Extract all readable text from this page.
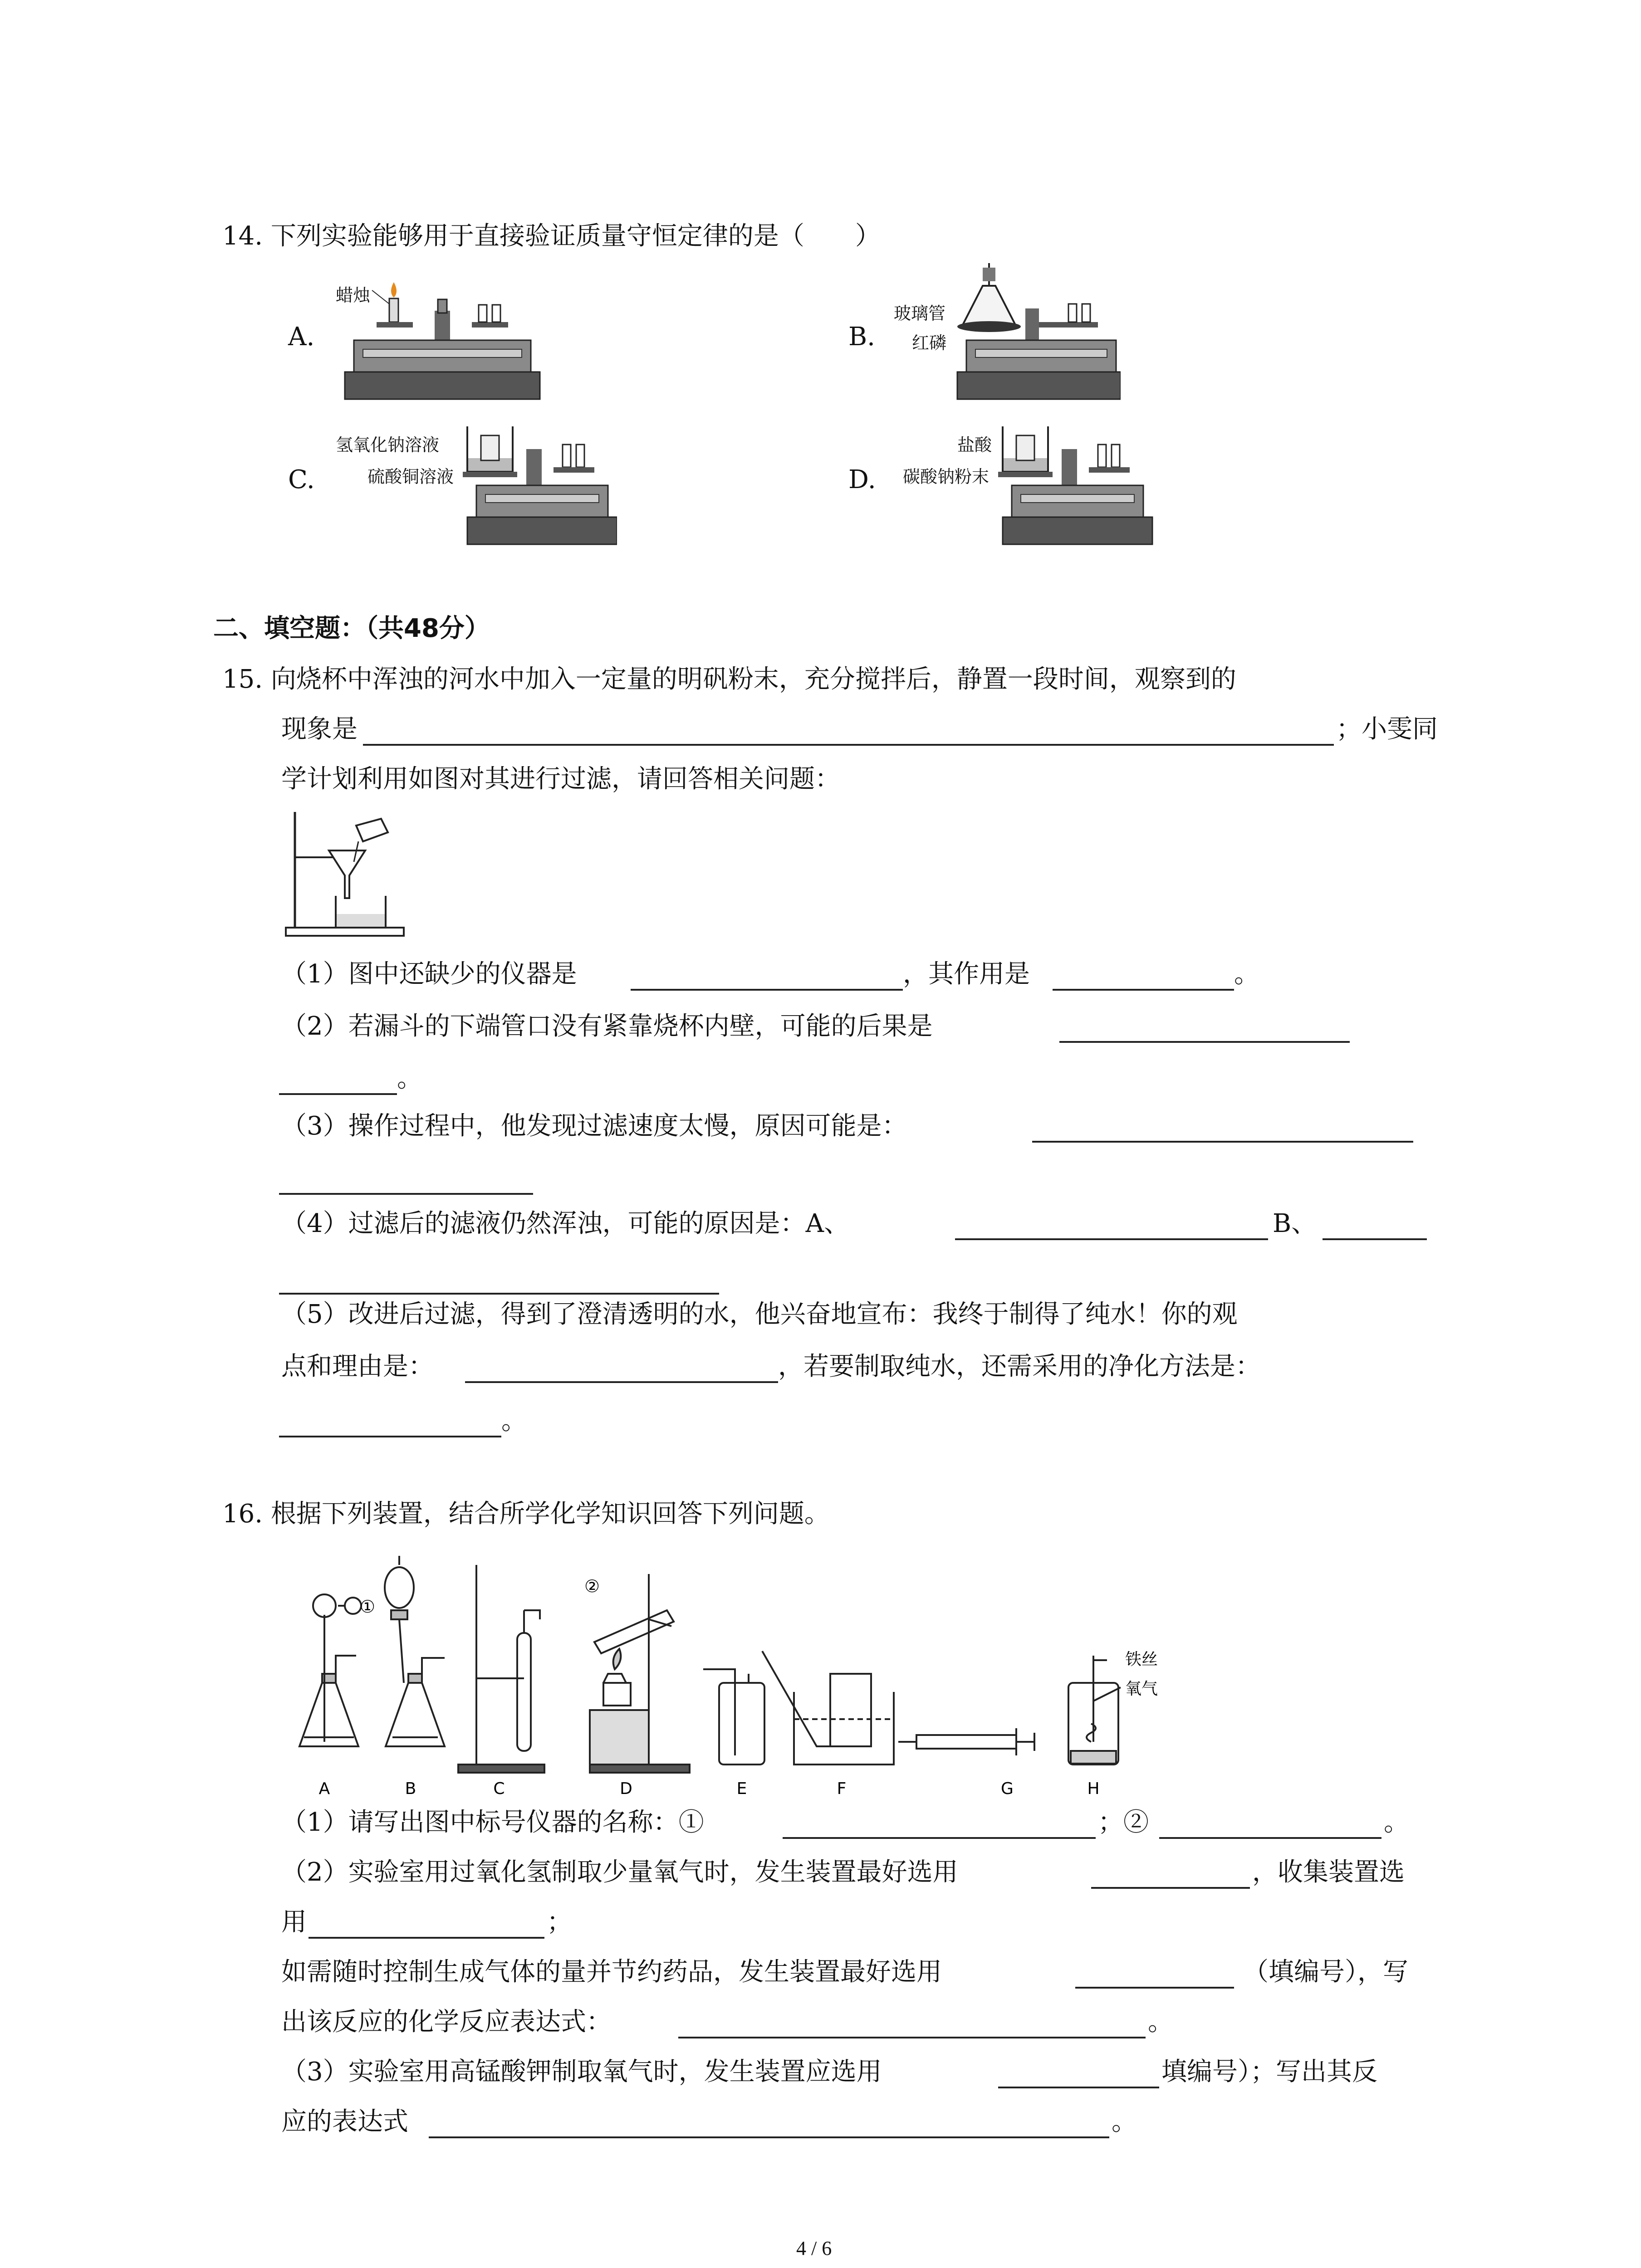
14. 下列实验能够用于直接验证质量守恒定律的是（　　）
A.
蜡烛
B.
玻璃管
红磷
C.
氢氧化钠溶液
硫酸铜溶液	D.
盐酸
碳酸钠粉末
二、填空题：（共48分）
15. 向烧杯中浑浊的河水中加入一定量的明矾粉末，充分搅拌后，静置一段时间，观察到的
现象是	；小雯同
学计划利用如图对其进行过滤，请回答相关问题：
（1）图中还缺少的仪器是	，其作用是	。
（2）若漏斗的下端管口没有紧靠烧杯内壁，可能的后果是
。
（3）操作过程中，他发现过滤速度太慢，原因可能是：
（4）过滤后的滤液仍然浑浊，可能的原因是：A、	B、
（5）改进后过滤，得到了澄清透明的水，他兴奋地宣布：我终于制得了纯水！你的观
点和理由是：	，若要制取纯水，还需采用的净化方法是：
。
16. 根据下列装置，结合所学化学知识回答下列问题。
①
②
铁丝
氧气
A	B	C	D	E	F	G	H
（1）请写出图中标号仪器的名称：①	；②	。
（2）实验室用过氧化氢制取少量氧气时，发生装置最好选用	，收集装置选
用	；
如需随时控制生成气体的量并节约药品，发生装置最好选用	（填编号），写
出该反应的化学反应表达式：	。
（3）实验室用高锰酸钾制取氧气时，发生装置应选用	填编号）；写出其反
应的表达式	。
4 / 6
